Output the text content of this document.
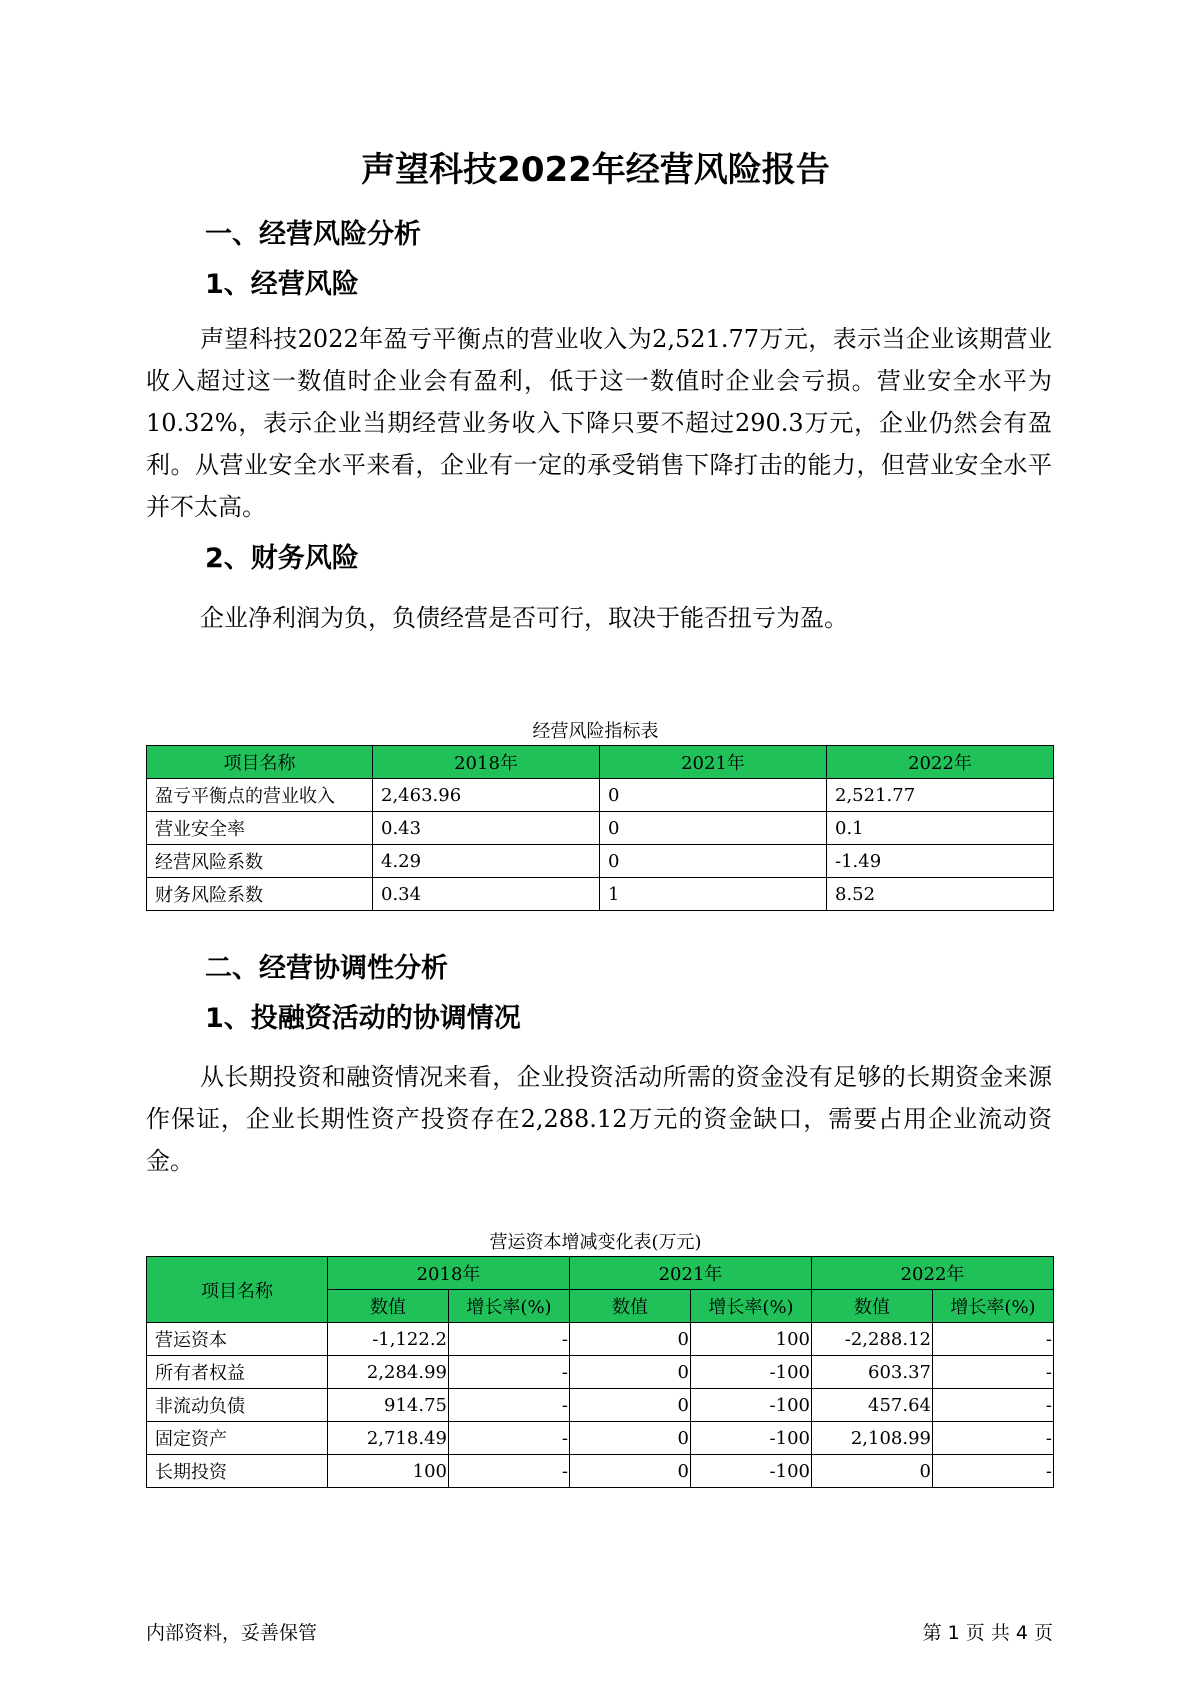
声望科技2022年经营风险报告
一、经营风险分析
1、经营风险

声望科技2022年盈亏平衡点的营业收入为2,521.77万元，表示当企业该期营业收入超过这一数值时企业会有盈利，低于这一数值时企业会亏损。营业安全水平为10.32%，表示企业当期经营业务收入下降只要不超过290.3万元，企业仍然会有盈利。从营业安全水平来看，企业有一定的承受销售下降打击的能力，但营业安全水平并不太高。

2、财务风险

企业净利润为负，负债经营是否可行，取决于能否扭亏为盈。

经营风险指标表
项目名称	2018年	2021年	2022年
盈亏平衡点的营业收入	2,463.96	0	2,521.77
营业安全率	0.43	0	0.1
经营风险系数	4.29	0	-1.49
财务风险系数	0.34	1	8.52
二、经营协调性分析
1、投融资活动的协调情况

从长期投资和融资情况来看，企业投资活动所需的资金没有足够的长期资金来源作保证，企业长期性资产投资存在2,288.12万元的资金缺口，需要占用企业流动资金。

营运资本增减变化表(万元)
项目名称	2018年		2021年		2022年	
	数值	增长率(%)	数值	增长率(%)	数值	增长率(%)
营运资本	-1,122.2	-	0	100	-2,288.12	-
所有者权益	2,284.99	-	0	-100	603.37	-
非流动负债	914.75	-	0	-100	457.64	-
固定资产	2,718.49	-	0	-100	2,108.99	-
长期投资	100	-	0	-100	0	-
内部资料，妥善保管	第 1 页 共 4 页
